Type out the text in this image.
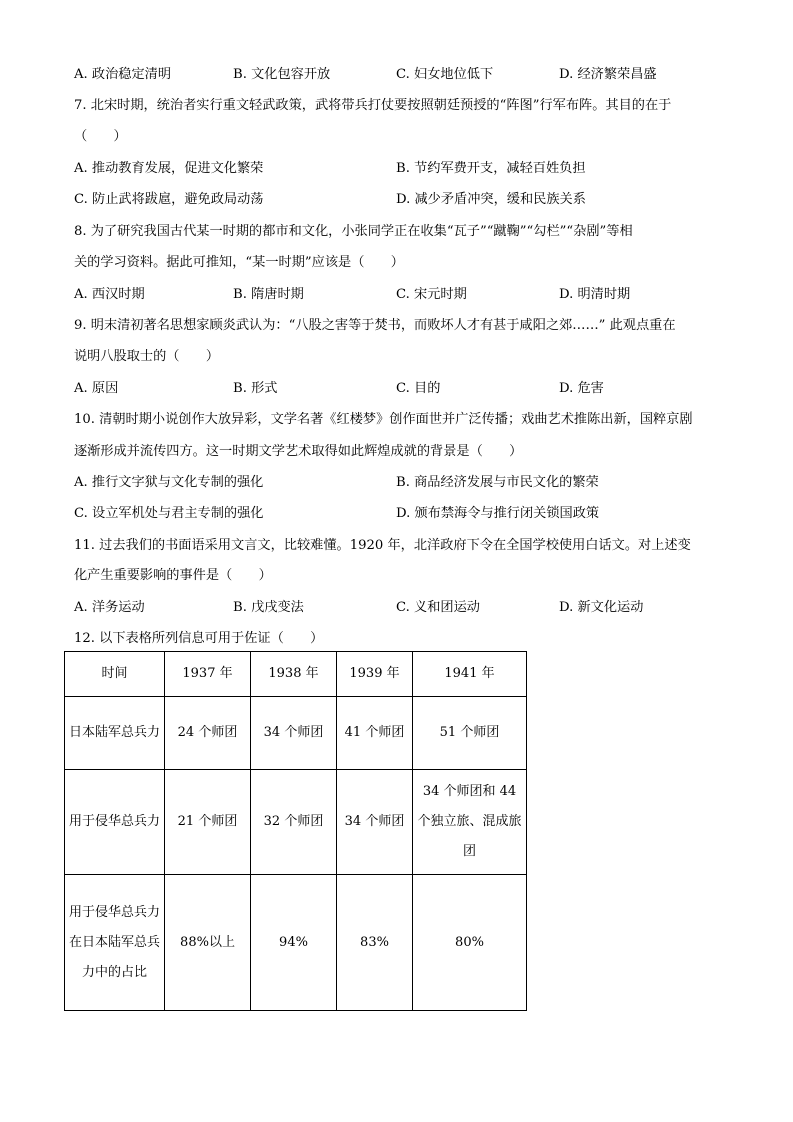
A. 政治稳定清明	B. 文化包容开放	C. 妇女地位低下	D. 经济繁荣昌盛
7. 北宋时期，统治者实行重文轻武政策，武将带兵打仗要按照朝廷预授的“阵图”行军布阵。其目的在于
（　　）
A. 推动教育发展，促进文化繁荣	B. 节约军费开支，减轻百姓负担
C. 防止武将跋扈，避免政局动荡	D. 减少矛盾冲突，缓和民族关系
8. 为了研究我国古代某一时期的都市和文化，小张同学正在收集“瓦子”“蹴鞠”“勾栏”“杂剧”等相
关的学习资料。据此可推知，“某一时期”应该是（　　）
A. 西汉时期	B. 隋唐时期	C. 宋元时期	D. 明清时期
9. 明末清初著名思想家顾炎武认为：“八股之害等于焚书，而败坏人才有甚于咸阳之郊……” 此观点重在
说明八股取士的（　　）
A. 原因	B. 形式	C. 目的	D. 危害
10. 清朝时期小说创作大放异彩，文学名著《红楼梦》创作面世并广泛传播；戏曲艺术推陈出新，国粹京剧
逐渐形成并流传四方。这一时期文学艺术取得如此辉煌成就的背景是（　　）
A. 推行文字狱与文化专制的强化	B. 商品经济发展与市民文化的繁荣
C. 设立军机处与君主专制的强化	D. 颁布禁海令与推行闭关锁国政策
11. 过去我们的书面语采用文言文，比较难懂。1920 年，北洋政府下令在全国学校使用白话文。对上述变
化产生重要影响的事件是（　　）
A. 洋务运动	B. 戊戌变法	C. 义和团运动	D. 新文化运动
12. 以下表格所列信息可用于佐证（　　）
时间	1937 年	1938 年	1939 年	1941 年
日本陆军总兵力	24 个师团	34 个师团	41 个师团	51 个师团
用于侵华总兵力	21 个师团	32 个师团	34 个师团	34 个师团和 44 个独立旅、混成旅团
用于侵华总兵力在日本陆军总兵力中的占比	88%以上	94%	83%	80%
